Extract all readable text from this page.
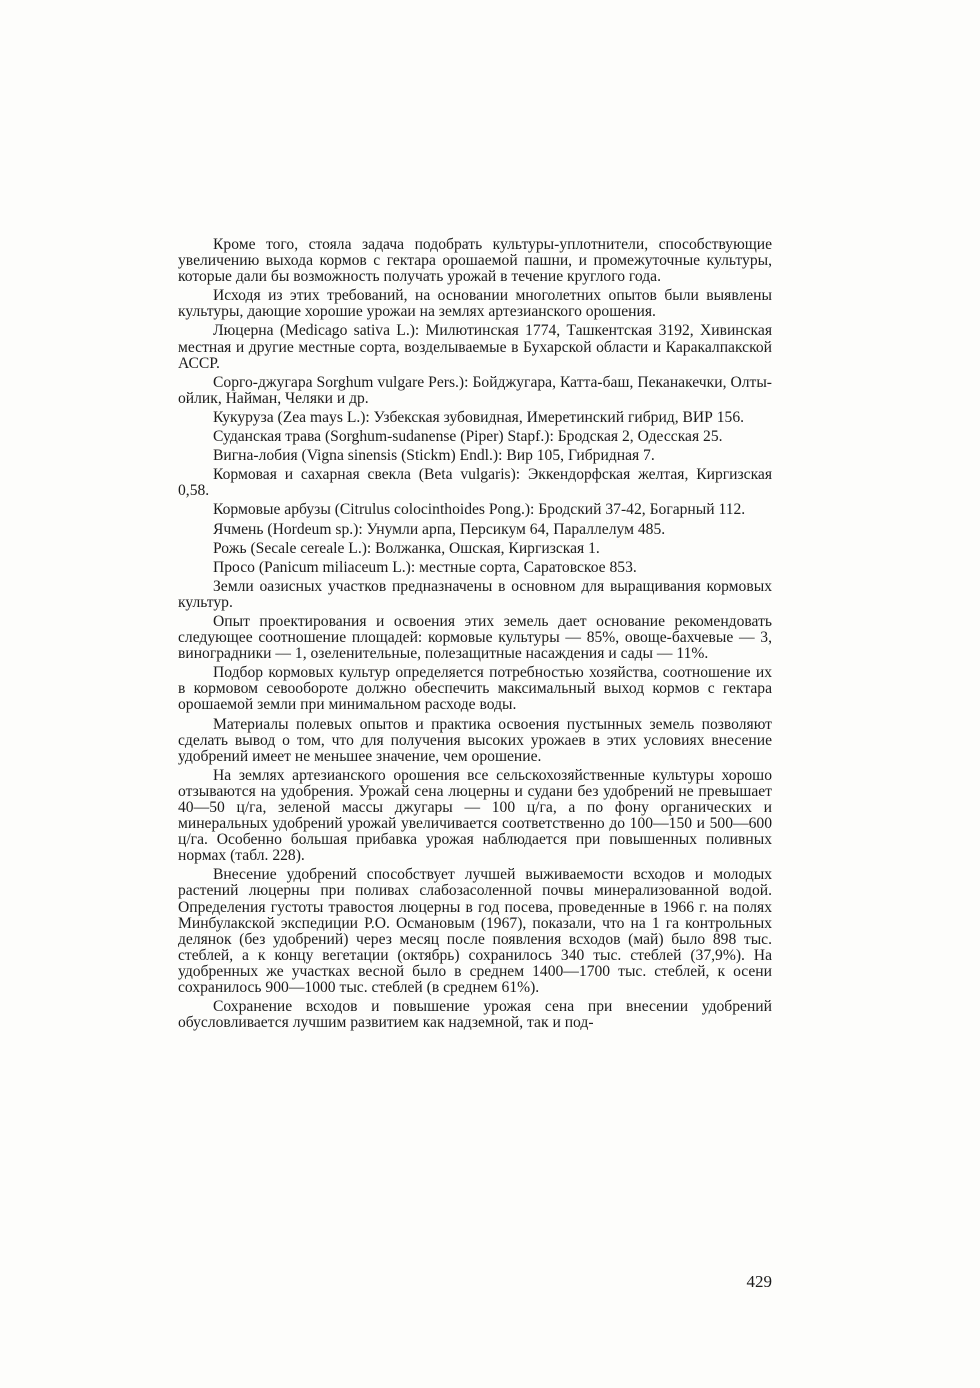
Кроме того, стояла задача подобрать культуры-уплотнители, способствующие увеличению выхода кормов с гектара орошаемой пашни, и промежуточные культуры, которые дали бы возможность получать урожай в течение круглого года.

Исходя из этих требований, на основании многолетних опытов были выявлены культуры, дающие хорошие урожаи на землях артезианского орошения.

Люцерна (Medicago sativa L.): Милютинская 1774, Ташкентская 3192, Хивинская местная и другие местные сорта, возделываемые в Бухарской области и Каракалпакской АССР.

Сорго-джугара Sorghum vulgare Pers.): Бойджугара, Катта-баш, Пеканакечки, Олты-ойлик, Найман, Челяки и др.

Кукуруза (Zea mays L.): Узбекская зубовидная, Имеретинский гибрид, ВИР 156.

Суданская трава (Sorghum-sudanense (Piper) Stapf.): Бродская 2, Одесская 25.

Вигна-лобия (Vigna sinensis (Stickm) Endl.): Вир 105, Гибридная 7.

Кормовая и сахарная свекла (Beta vulgaris): Эккендорфская желтая, Киргизская 0,58.

Кормовые арбузы (Citrulus colocinthoides Pong.): Бродский 37-42, Богарный 112.

Ячмень (Hordeum sp.): Унумли арпа, Персикум 64, Параллелум 485.

Рожь (Secale cereale L.): Волжанка, Ошская, Киргизская 1.

Просо (Panicum miliaceum L.): местные сорта, Саратовское 853.

Земли оазисных участков предназначены в основном для выращивания кормовых культур.

Опыт проектирования и освоения этих земель дает основание рекомендовать следующее соотношение площадей: кормовые культуры — 85%, овоще-бахчевые — 3, виноградники — 1, озеленительные, полезащитные насаждения и сады — 11%.

Подбор кормовых культур определяется потребностью хозяйства, соотношение их в кормовом севообороте должно обеспечить максимальный выход кормов с гектара орошаемой земли при минимальном расходе воды.

Материалы полевых опытов и практика освоения пустынных земель позволяют сделать вывод о том, что для получения высоких урожаев в этих условиях внесение удобрений имеет не меньшее значение, чем орошение.

На землях артезианского орошения все сельскохозяйственные культуры хорошо отзываются на удобрения. Урожай сена люцерны и судани без удобрений не превышает 40—50 ц/га, зеленой массы джугары — 100 ц/га, а по фону органических и минеральных удобрений урожай увеличивается соответственно до 100—150 и 500—600 ц/га. Особенно большая прибавка урожая наблюдается при повышенных поливных нормах (табл. 228).

Внесение удобрений способствует лучшей выживаемости всходов и молодых растений люцерны при поливах слабозасоленной почвы минерализованной водой. Определения густоты травостоя люцерны в год посева, проведенные в 1966 г. на полях Минбулакской экспедиции Р.О. Османовым (1967), показали, что на 1 га контрольных делянок (без удобрений) через месяц после появления всходов (май) было 898 тыс. стеблей, а к концу вегетации (октябрь) сохранилось 340 тыс. стеблей (37,9%). На удобренных же участках весной было в среднем 1400—1700 тыс. стеблей, к осени сохранилось 900—1000 тыс. стеблей (в среднем 61%).

Сохранение всходов и повышение урожая сена при внесении удобрений обусловливается лучшим развитием как надземной, так и под-

429
